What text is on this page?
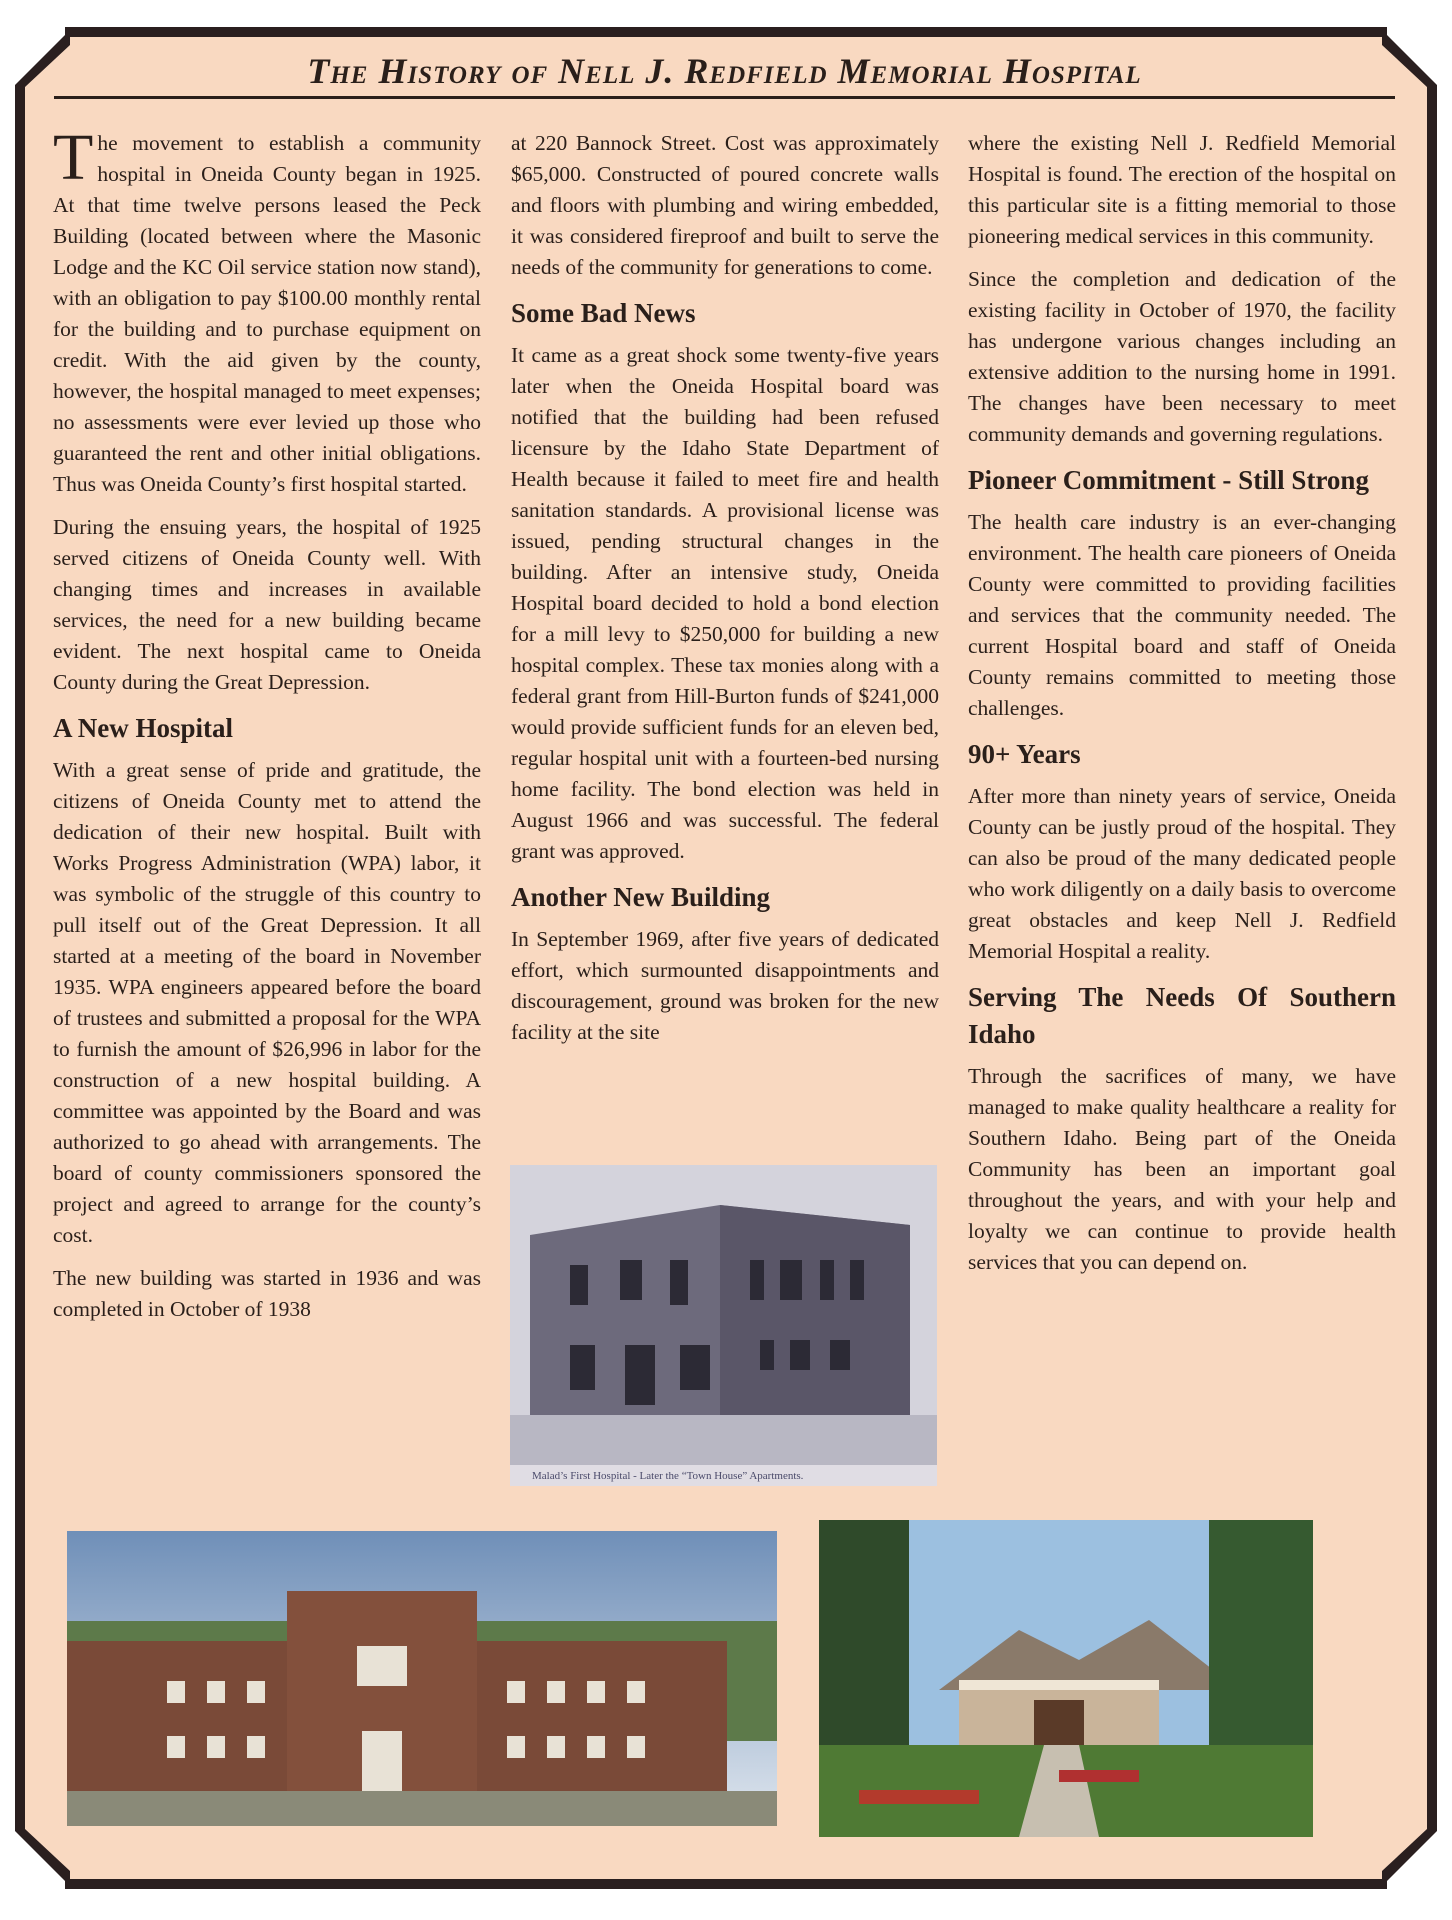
The History of Nell J. Redfield Memorial Hospital

The movement to establish a community hospital in Oneida County began in 1925. At that time twelve persons leased the Peck Building (located between where the Masonic Lodge and the KC Oil service station now stand), with an obligation to pay $100.00 monthly rental for the building and to purchase equipment on credit. With the aid given by the county, however, the hospital managed to meet expenses; no assessments were ever levied up those who guaranteed the rent and other initial obligations. Thus was Oneida County’s first hospital started.

During the ensuing years, the hospital of 1925 served citizens of Oneida County well. With changing times and increases in available services, the need for a new building became evident. The next hospital came to Oneida County during the Great Depression.

A New Hospital

With a great sense of pride and gratitude, the citizens of Oneida County met to attend the dedication of their new hospital. Built with Works Progress Administration (WPA) labor, it was symbolic of the struggle of this country to pull itself out of the Great Depression. It all started at a meeting of the board in November 1935. WPA engineers appeared before the board of trustees and submitted a proposal for the WPA to furnish the amount of $26,996 in labor for the construction of a new hospital building. A committee was appointed by the Board and was authorized to go ahead with arrangements. The board of county commissioners sponsored the project and agreed to arrange for the county’s cost.

The new building was started in 1936 and was completed in October of 1938

at 220 Bannock Street. Cost was approximately $65,000. Constructed of poured concrete walls and floors with plumbing and wiring embedded, it was considered fireproof and built to serve the needs of the community for generations to come.

Some Bad News

It came as a great shock some twenty-five years later when the Oneida Hospital board was notified that the building had been refused licensure by the Idaho State Department of Health because it failed to meet fire and health sanitation standards. A provisional license was issued, pending structural changes in the building. After an intensive study, Oneida Hospital board decided to hold a bond election for a mill levy to $250,000 for building a new hospital complex. These tax monies along with a federal grant from Hill-Burton funds of $241,000 would provide sufficient funds for an eleven bed, regular hospital unit with a fourteen-bed nursing home facility. The bond election was held in August 1966 and was successful. The federal grant was approved.

Another New Building

In September 1969, after five years of dedicated effort, which surmounted disappointments and discouragement, ground was broken for the new facility at the site

where the existing Nell J. Redfield Memorial Hospital is found. The erection of the hospital on this particular site is a fitting memorial to those pioneering medical services in this community.

Since the completion and dedication of the existing facility in October of 1970, the facility has undergone various changes including an extensive addition to the nursing home in 1991. The changes have been necessary to meet community demands and governing regulations.

Pioneer Commitment - Still Strong

The health care industry is an ever-changing environment. The health care pioneers of Oneida County were committed to providing facilities and services that the community needed. The current Hospital board and staff of Oneida County remains committed to meeting those challenges.

90+ Years

After more than ninety years of service, Oneida County can be justly proud of the hospital. They can also be proud of the many dedicated people who work diligently on a daily basis to overcome great obstacles and keep Nell J. Redfield Memorial Hospital a reality.

Serving The Needs Of Southern Idaho

Through the sacrifices of many, we have managed to make quality healthcare a reality for Southern Idaho. Being part of the Oneida Community has been an important goal throughout the years, and with your help and loyalty we can continue to provide health services that you can depend on.

Malad’s First Hospital - Later the “Town House” Apartments.
